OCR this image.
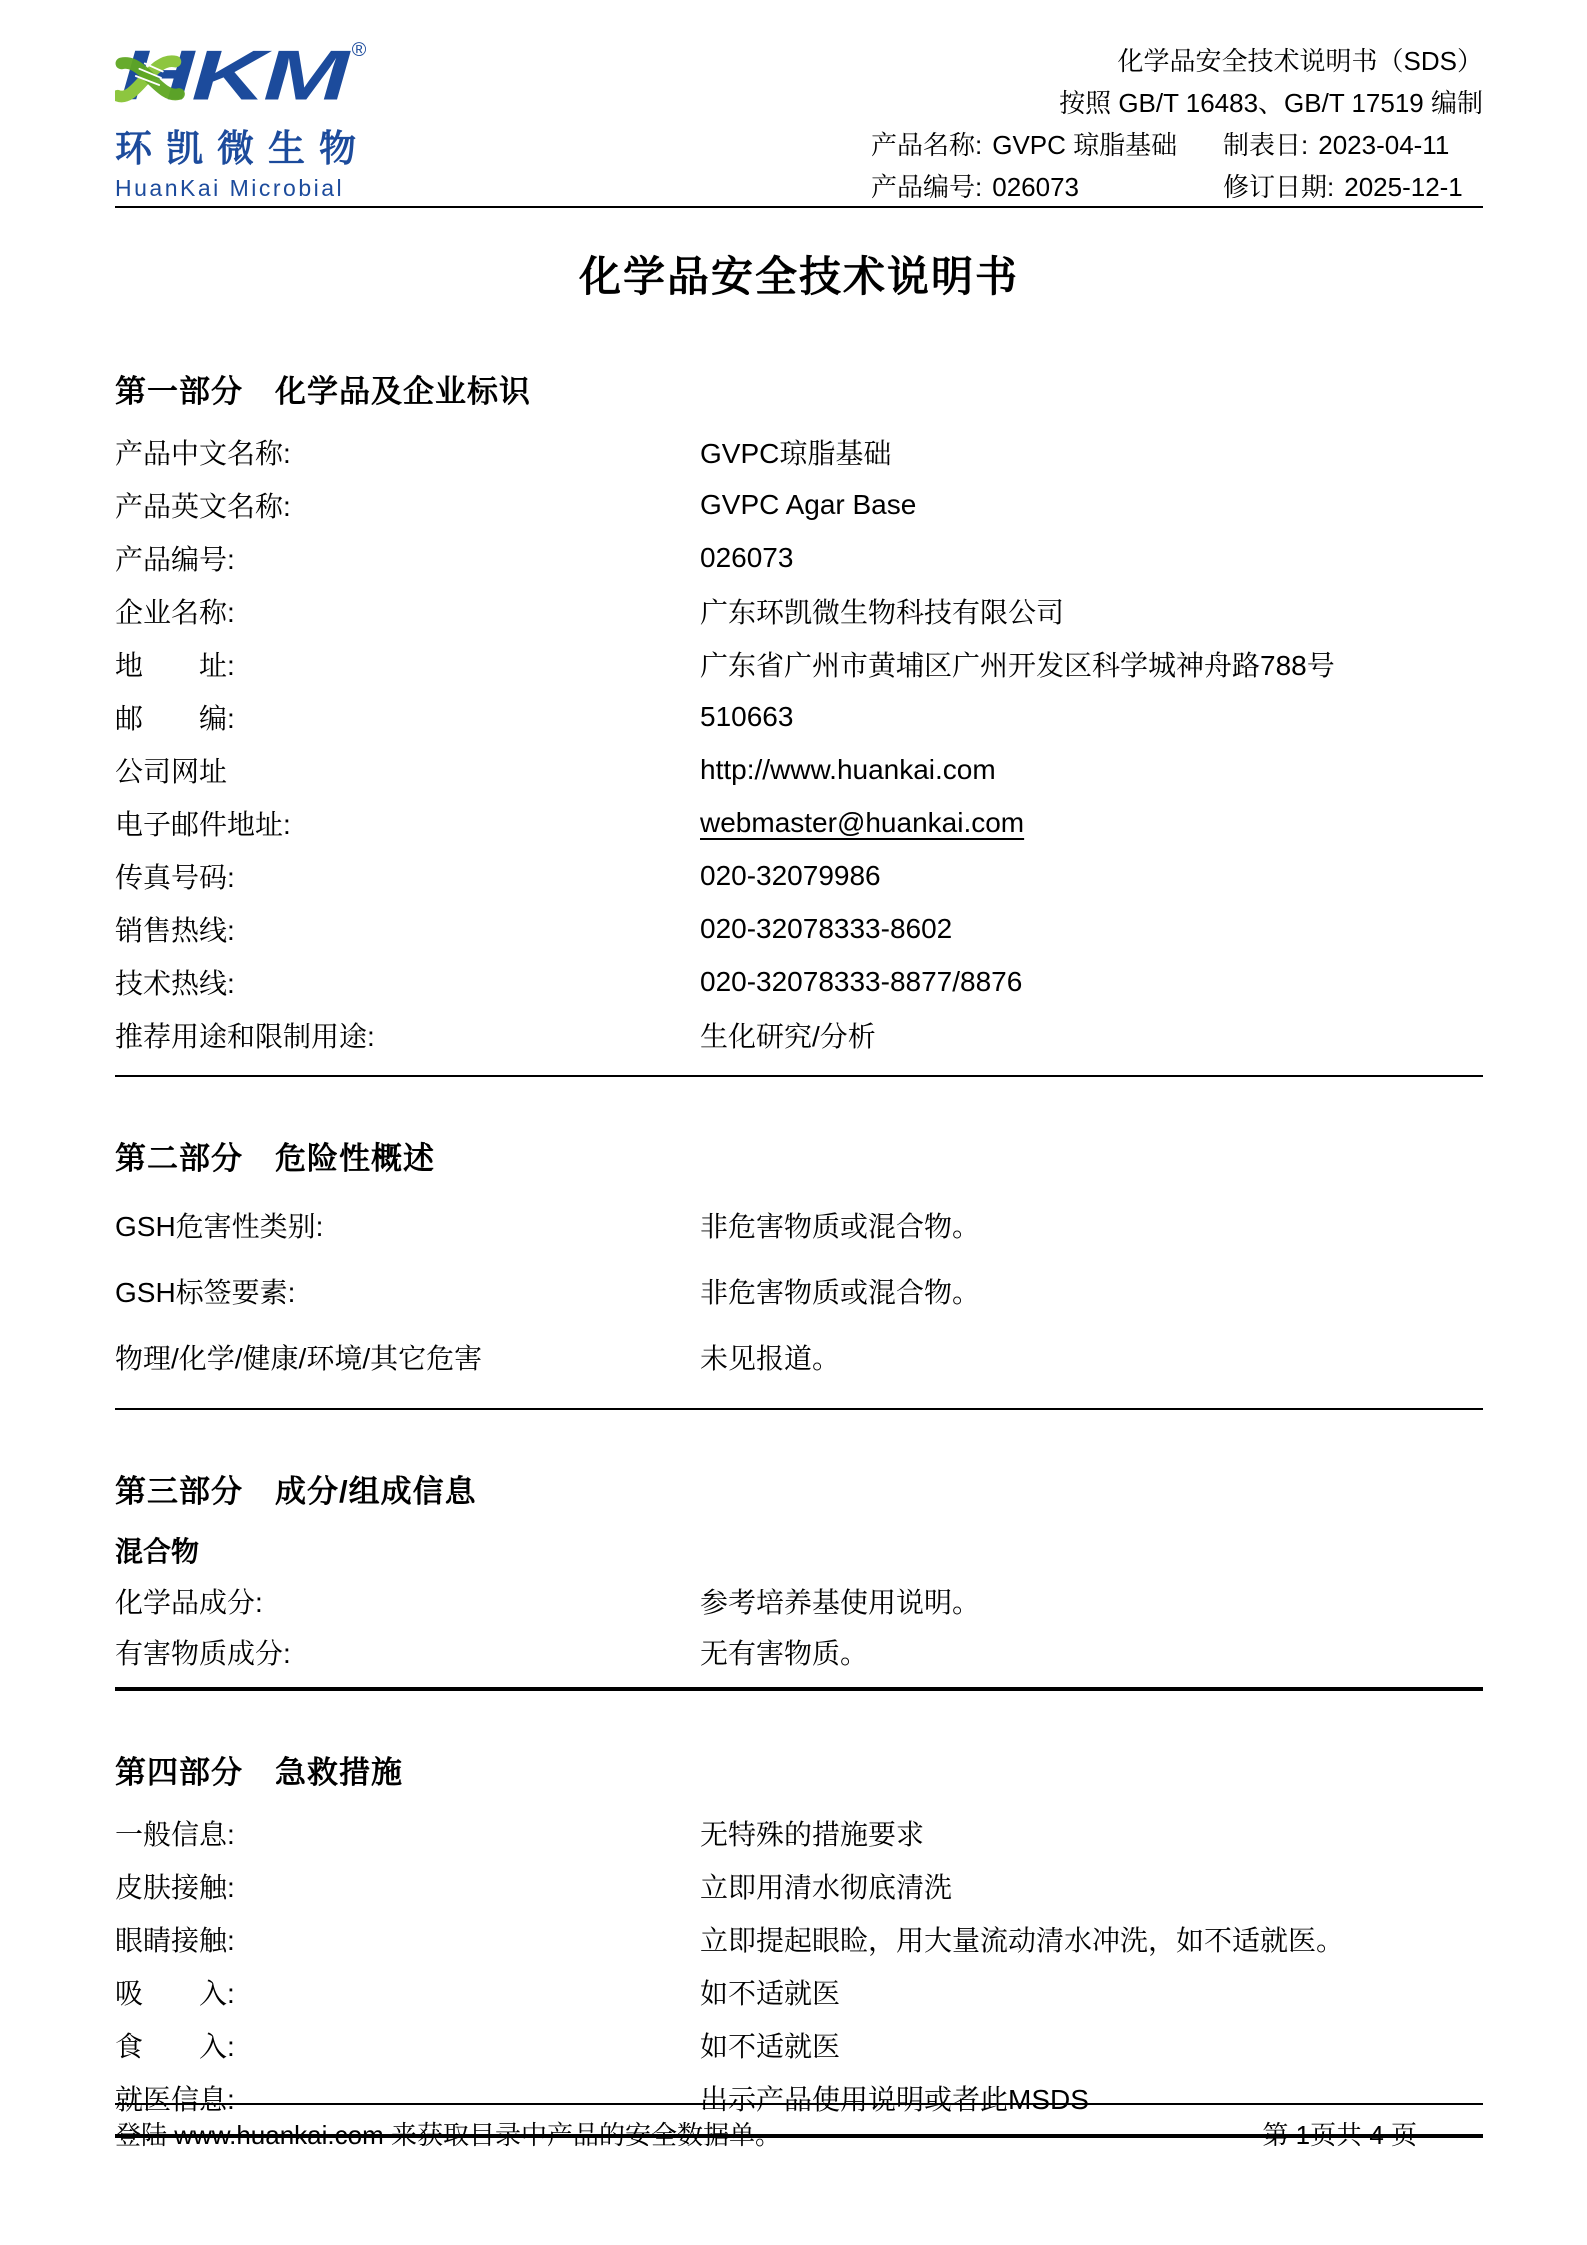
HKM ®
环凯微生物
HuanKai Microbial
化学品安全技术说明书（SDS）
按照 GB/T 16483、GB/T 17519 编制
产品名称: GVPC 琼脂基础	制表日: 2023-04-11
产品编号: 026073	修订日期: 2025-12-1
化学品安全技术说明书
第一部分　化学品及企业标识
产品中文名称:	GVPC琼脂基础
产品英文名称:	GVPC Agar Base
产品编号:	026073
企业名称:	广东环凯微生物科技有限公司
地　　址:	广东省广州市黄埔区广州开发区科学城神舟路788号
邮　　编:	510663
公司网址	http://www.huankai.com
电子邮件地址:	webmaster@huankai.com
传真号码:	020-32079986
销售热线:	020-32078333-8602
技术热线:	020-32078333-8877/8876
推荐用途和限制用途:	生化研究/分析
第二部分　危险性概述
GSH危害性类别:	非危害物质或混合物。
GSH标签要素:	非危害物质或混合物。
物理/化学/健康/环境/其它危害	未见报道。
第三部分　成分/组成信息
混合物
化学品成分:	参考培养基使用说明。
有害物质成分:	无有害物质。
第四部分　急救措施
一般信息:	无特殊的措施要求
皮肤接触:	立即用清水彻底清洗
眼睛接触:	立即提起眼睑，用大量流动清水冲洗，如不适就医。
吸　　入:	如不适就医
食　　入:	如不适就医
就医信息:	出示产品使用说明或者此MSDS
登陆 www.huankai.com 来获取目录中产品的安全数据单。	第 1页共 4 页
